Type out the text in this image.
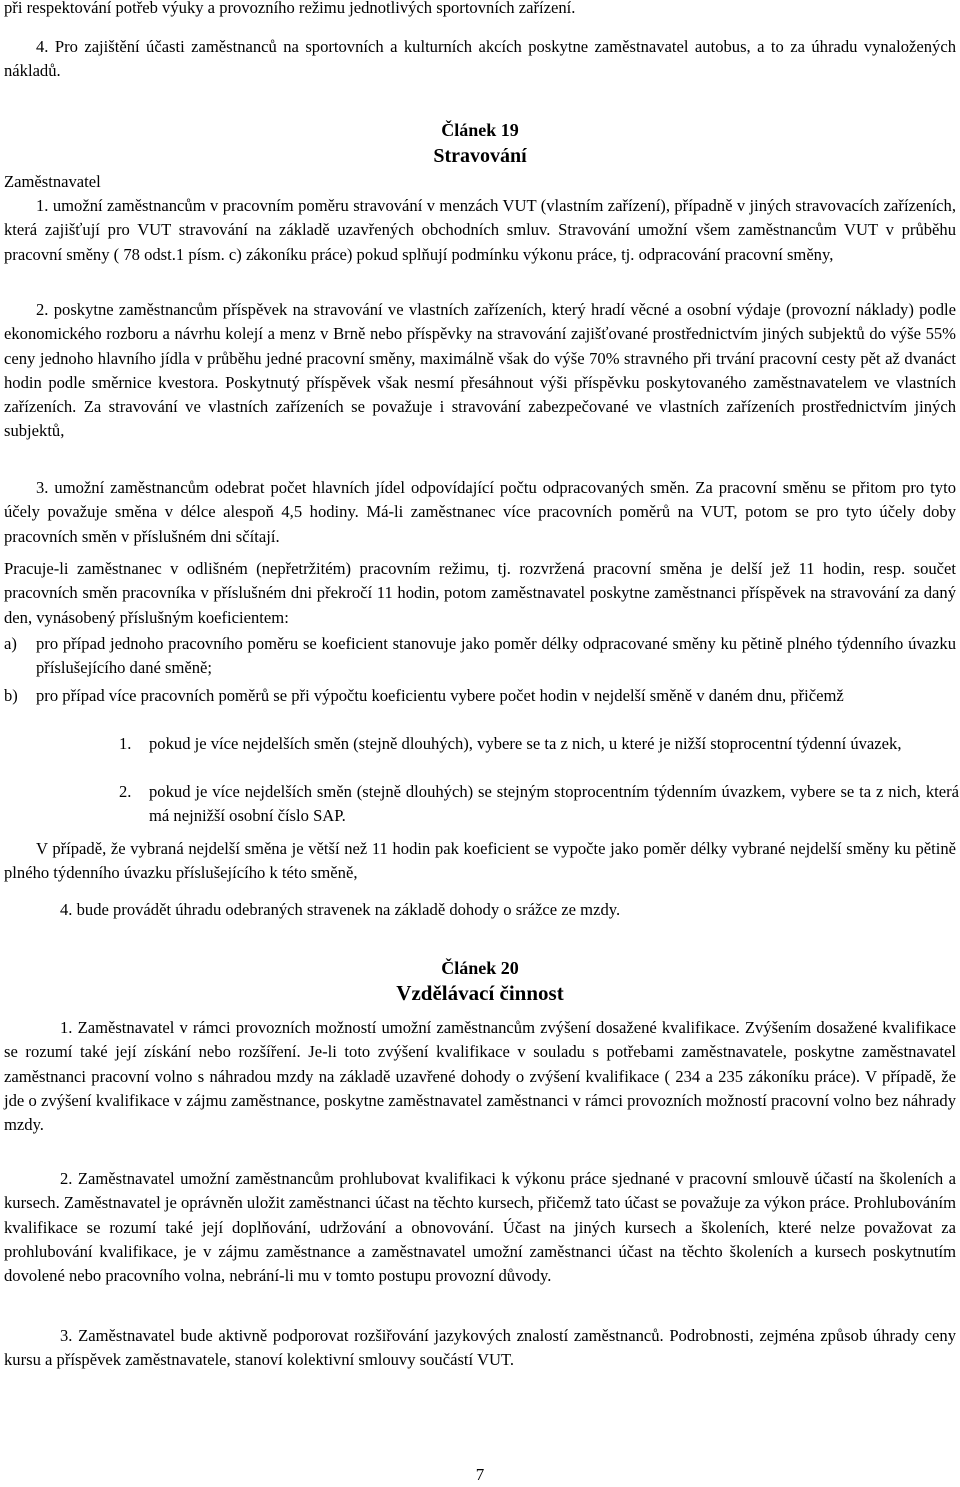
při respektování potřeb výuky a provozního režimu jednotlivých sportovních zařízení.

4. Pro zajištění účasti zaměstnanců na sportovních a kulturních akcích poskytne zaměstnavatel autobus, a to za úhradu vynaložených nákladů.

Článek 19

Stravování

Zaměstnavatel

1. umožní zaměstnancům v pracovním poměru stravování v menzách VUT (vlastním zařízení), případně v jiných stravovacích zařízeních, která zajišťují pro VUT stravování na základě uzavřených obchodních smluv. Stravování umožní všem zaměstnancům VUT v průběhu pracovní směny ( 78 odst.1 písm. c) zákoníku práce) pokud splňují podmínku výkonu práce, tj. odpracování pracovní směny,

2. poskytne zaměstnancům příspěvek na stravování ve vlastních zařízeních, který hradí věcné a osobní výdaje (provozní náklady) podle ekonomického rozboru a návrhu kolejí a menz v Brně nebo příspěvky na stravování zajišťované prostřednictvím jiných subjektů do výše 55% ceny jednoho hlavního jídla v průběhu jedné pracovní směny, maximálně však do výše 70% stravného při trvání pracovní cesty pět až dvanáct hodin podle směrnice kvestora. Poskytnutý příspěvek však nesmí přesáhnout výši příspěvku poskytovaného zaměstnavatelem ve vlastních zařízeních. Za stravování ve vlastních zařízeních se považuje i stravování zabezpečované ve vlastních zařízeních prostřednictvím jiných subjektů,

3. umožní zaměstnancům odebrat počet hlavních jídel odpovídající počtu odpracovaných směn. Za pracovní směnu se přitom pro tyto účely považuje směna v délce alespoň 4,5 hodiny. Má-li zaměstnanec více pracovních poměrů na VUT, potom se pro tyto účely doby pracovních směn v příslušném dni sčítají.

Pracuje-li zaměstnanec v odlišném (nepřetržitém) pracovním režimu, tj. rozvržená pracovní směna je delší jež 11 hodin, resp. součet pracovních směn pracovníka v příslušném dni překročí 11 hodin, potom zaměstnavatel poskytne zaměstnanci příspěvek na stravování za daný den, vynásobený příslušným koeficientem:

a)	pro případ jednoho pracovního poměru se koeficient stanovuje jako poměr délky odpracované směny ku pětině plného týdenního úvazku příslušejícího dané směně;
b)	pro případ více pracovních poměrů se při výpočtu koeficientu vybere počet hodin v nejdelší směně v daném dnu, přičemž
1.	pokud je více nejdelších směn (stejně dlouhých), vybere se ta z nich, u které je nižší stoprocentní týdenní úvazek,
2.	pokud je více nejdelších směn (stejně dlouhých) se stejným stoprocentním týdenním úvazkem, vybere se ta z nich, která má nejnižší osobní číslo SAP.

V případě, že vybraná nejdelší směna je větší než 11 hodin pak koeficient se vypočte jako poměr délky vybrané nejdelší směny ku pětině plného týdenního úvazku příslušejícího k této směně,

4. bude provádět úhradu odebraných stravenek na základě dohody o srážce ze mzdy.

Článek 20

Vzdělávací činnost

1. Zaměstnavatel v rámci provozních možností umožní zaměstnancům zvýšení dosažené kvalifikace. Zvýšením dosažené kvalifikace se rozumí také její získání nebo rozšíření. Je-li toto zvýšení kvalifikace v souladu s potřebami zaměstnavatele, poskytne zaměstnavatel zaměstnanci pracovní volno s náhradou mzdy na základě uzavřené dohody o zvýšení kvalifikace ( 234 a 235 zákoníku práce). V případě, že jde o zvýšení kvalifikace v zájmu zaměstnance, poskytne zaměstnavatel zaměstnanci v rámci provozních možností pracovní volno bez náhrady mzdy.

2. Zaměstnavatel umožní zaměstnancům prohlubovat kvalifikaci k výkonu práce sjednané v pracovní smlouvě účastí na školeních a kursech. Zaměstnavatel je oprávněn uložit zaměstnanci účast na těchto kursech, přičemž tato účast se považuje za výkon práce. Prohlubováním kvalifikace se rozumí také její doplňování, udržování a obnovování. Účast na jiných kursech a školeních, které nelze považovat za prohlubování kvalifikace, je v zájmu zaměstnance a zaměstnavatel umožní zaměstnanci účast na těchto školeních a kursech poskytnutím dovolené nebo pracovního volna, nebrání-li mu v tomto postupu provozní důvody.

3. Zaměstnavatel bude aktivně podporovat rozšiřování jazykových znalostí zaměstnanců. Podrobnosti, zejména způsob úhrady ceny kursu a příspěvek zaměstnavatele, stanoví kolektivní smlouvy součástí VUT.

7
